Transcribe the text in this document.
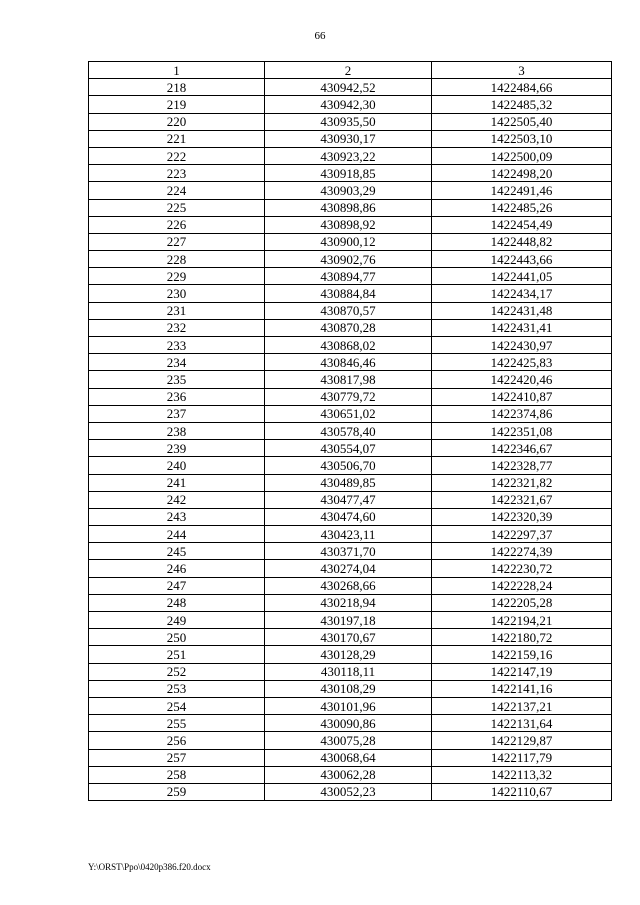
66
1	2	3
218	430942,52	1422484,66
219	430942,30	1422485,32
220	430935,50	1422505,40
221	430930,17	1422503,10
222	430923,22	1422500,09
223	430918,85	1422498,20
224	430903,29	1422491,46
225	430898,86	1422485,26
226	430898,92	1422454,49
227	430900,12	1422448,82
228	430902,76	1422443,66
229	430894,77	1422441,05
230	430884,84	1422434,17
231	430870,57	1422431,48
232	430870,28	1422431,41
233	430868,02	1422430,97
234	430846,46	1422425,83
235	430817,98	1422420,46
236	430779,72	1422410,87
237	430651,02	1422374,86
238	430578,40	1422351,08
239	430554,07	1422346,67
240	430506,70	1422328,77
241	430489,85	1422321,82
242	430477,47	1422321,67
243	430474,60	1422320,39
244	430423,11	1422297,37
245	430371,70	1422274,39
246	430274,04	1422230,72
247	430268,66	1422228,24
248	430218,94	1422205,28
249	430197,18	1422194,21
250	430170,67	1422180,72
251	430128,29	1422159,16
252	430118,11	1422147,19
253	430108,29	1422141,16
254	430101,96	1422137,21
255	430090,86	1422131,64
256	430075,28	1422129,87
257	430068,64	1422117,79
258	430062,28	1422113,32
259	430052,23	1422110,67
Y:\ORST\Ppo\0420p386.f20.docx
